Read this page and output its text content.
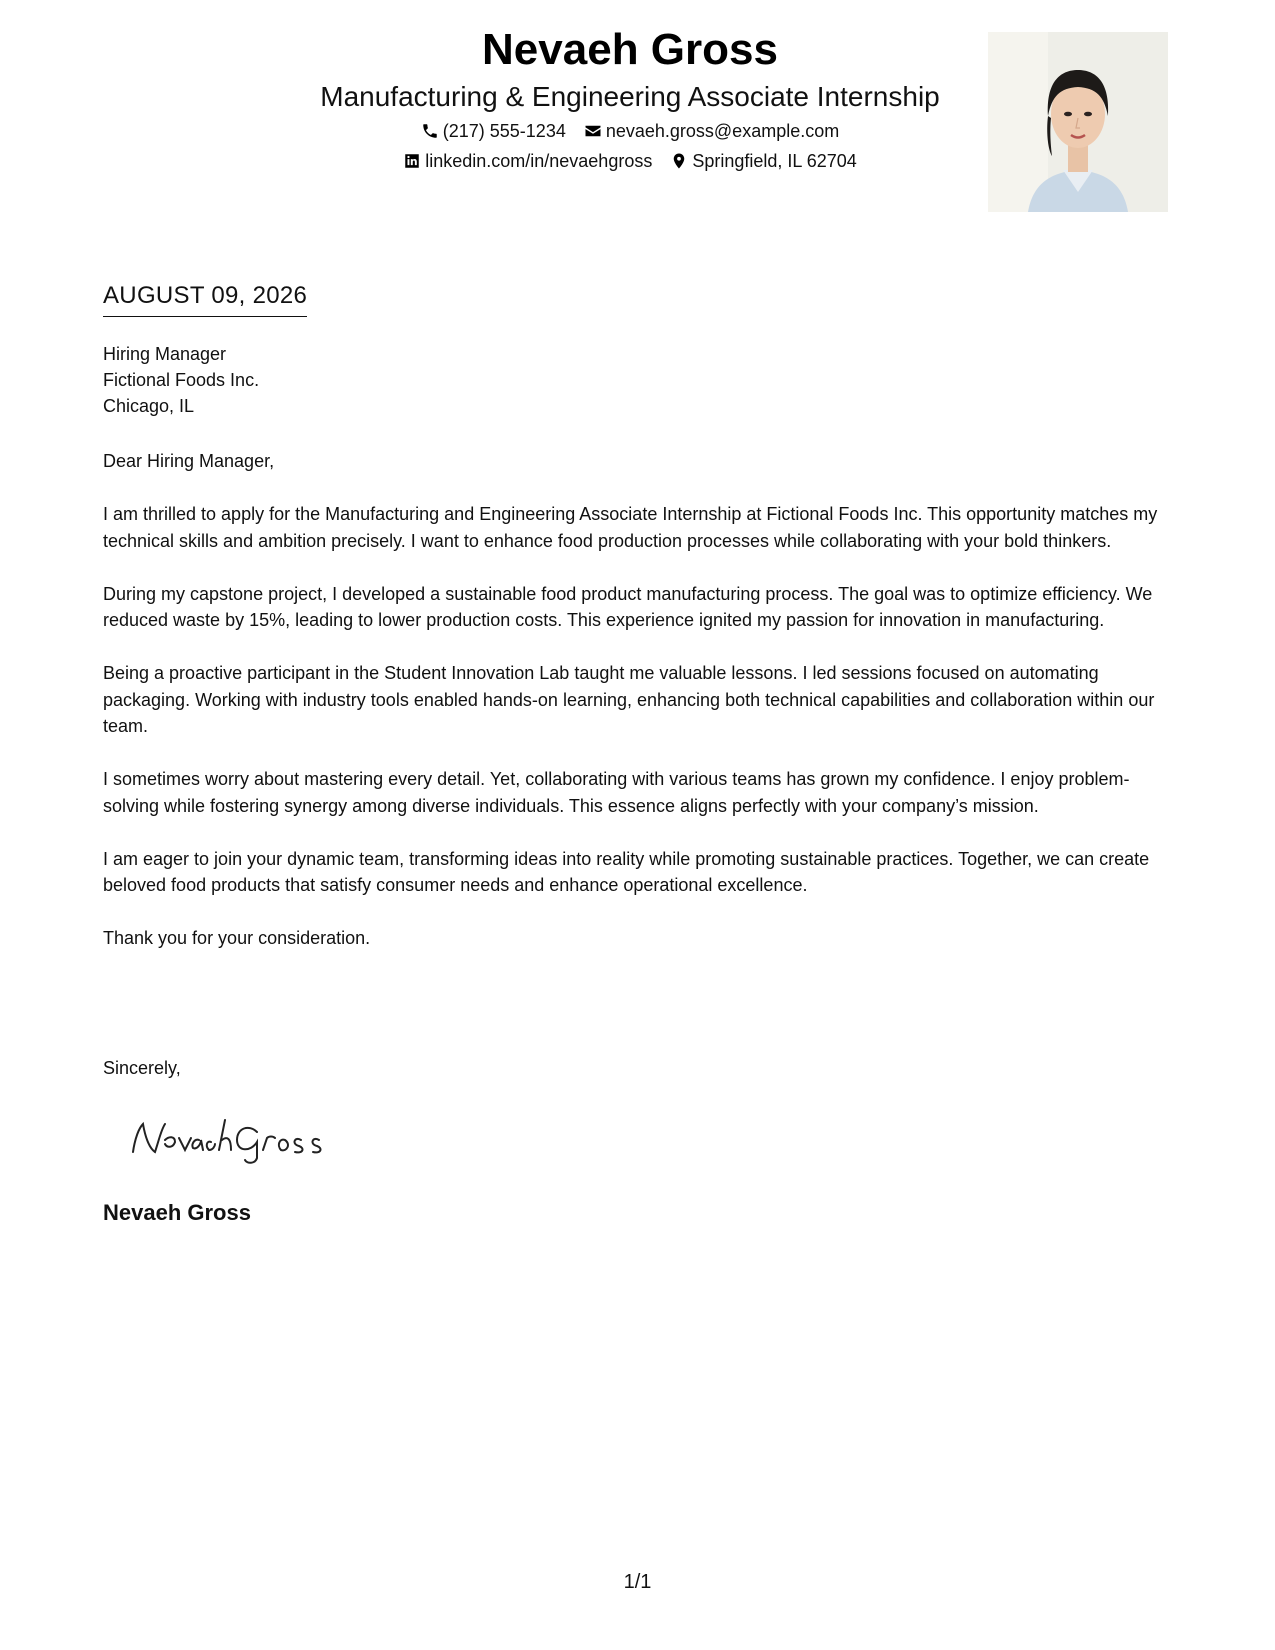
Nevaeh Gross
Manufacturing & Engineering Associate Internship
(217) 555-1234 nevaeh.gross@example.com
linkedin.com/in/nevaehgross Springfield, IL 62704
AUGUST 09, 2026
Hiring Manager
Fictional Foods Inc.
Chicago, IL

Dear Hiring Manager,

I am thrilled to apply for the Manufacturing and Engineering Associate Internship at Fictional Foods Inc. This opportunity matches my technical skills and ambition precisely. I want to enhance food production processes while collaborating with your bold thinkers.

During my capstone project, I developed a sustainable food product manufacturing process. The goal was to optimize efficiency. We reduced waste by 15%, leading to lower production costs. This experience ignited my passion for innovation in manufacturing.

Being a proactive participant in the Student Innovation Lab taught me valuable lessons. I led sessions focused on automating packaging. Working with industry tools enabled hands-on learning, enhancing both technical capabilities and collaboration within our team.

I sometimes worry about mastering every detail. Yet, collaborating with various teams has grown my confidence. I enjoy problem-solving while fostering synergy among diverse individuals. This essence aligns perfectly with your company’s mission.

I am eager to join your dynamic team, transforming ideas into reality while promoting sustainable practices. Together, we can create beloved food products that satisfy consumer needs and enhance operational excellence.

Thank you for your consideration.

Sincerely,
Nevaeh Gross
1/1
